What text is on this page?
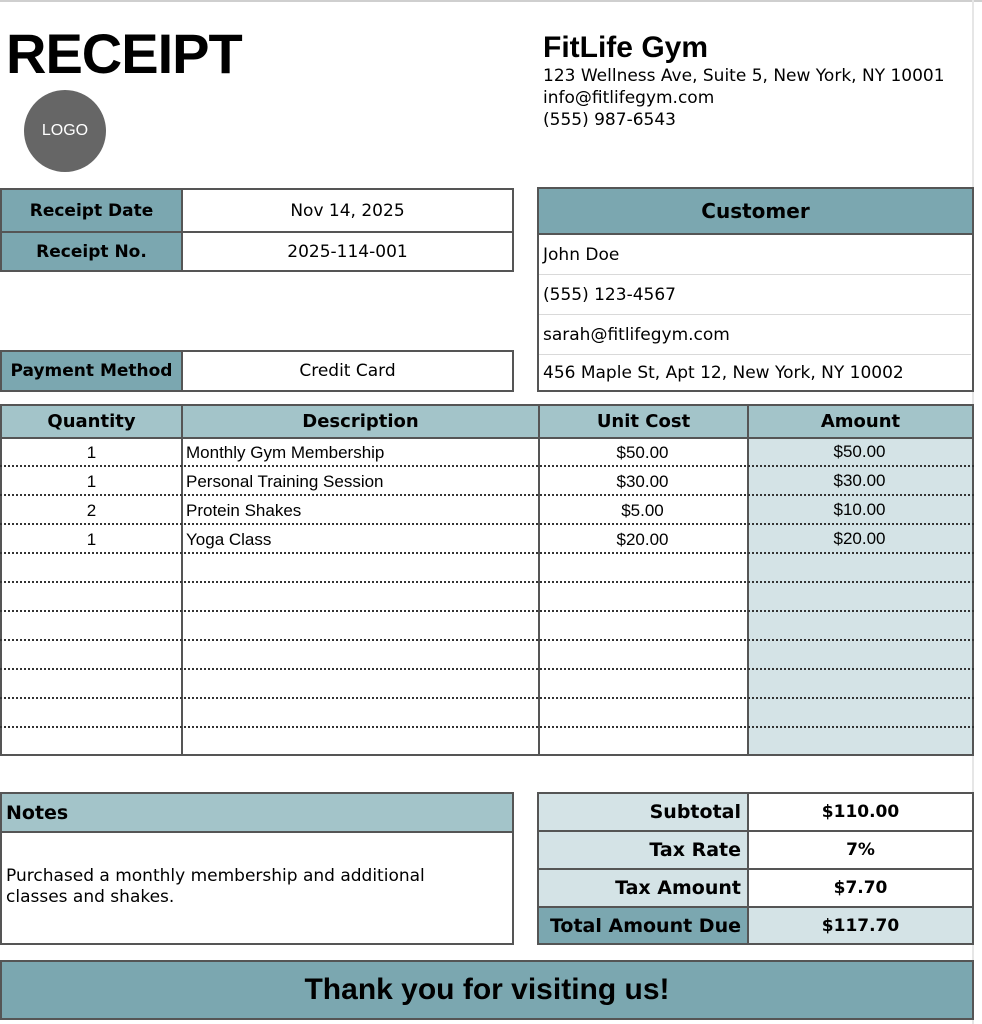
RECEIPT
LOGO
FitLife Gym
123 Wellness Ave, Suite 5, New York, NY 10001
info@fitlifegym.com
(555) 987-6543
Receipt Date	Nov 14, 2025
Receipt No.	2025-114-001
Payment Method	Credit Card
Customer
John Doe
(555) 123-4567
sarah@fitlifegym.com
456 Maple St, Apt 12, New York, NY 10002
Quantity	Description	Unit Cost	Amount
1	Monthly Gym Membership	$50.00	$50.00
1	Personal Training Session	$30.00	$30.00
2	Protein Shakes	$5.00	$10.00
1	Yoga Class	$20.00	$20.00
Notes
Purchased a monthly membership and additional classes and shakes.
Subtotal	$110.00
Tax Rate	7%
Tax Amount	$7.70
Total Amount Due	$117.70
Thank you for visiting us!
